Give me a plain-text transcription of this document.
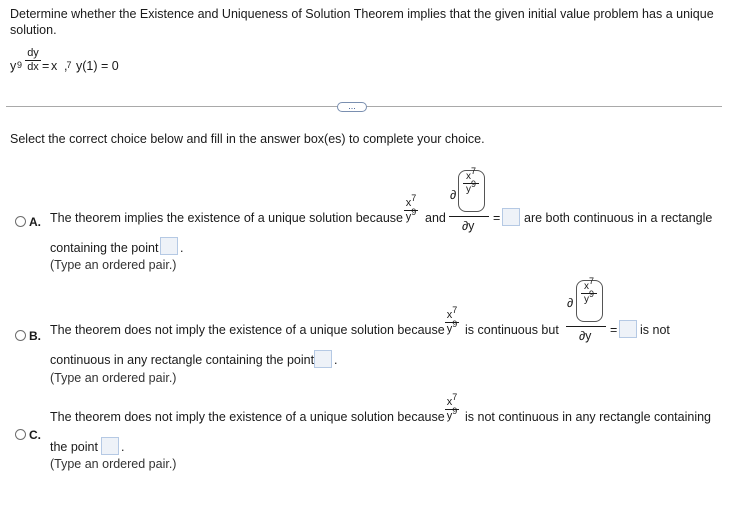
Determine whether the Existence and Uniqueness of Solution Theorem implies that the given initial value problem has a unique solution.
y $_9$
dy
dx = x $_7$
, y(1) = 0
...
Select the correct choice below and fill in the answer box(es) to complete your choice.
A. The theorem implies the existence of a unique solution because
$x^7$
$y^9$ and
∂
x7
y9
∂y
= are both continuous in a rectangle
containing the point .
(Type an ordered pair.)
B. The theorem does not imply the existence of a unique solution because
$x^7$
$y^9$ is continuous but
∂
x7
y9
∂y = is not
continuous in any rectangle containing the point .
(Type an ordered pair.)
C.
The theorem does not imply the existence of a unique solution because
$x^7$
$y^9$ is not continuous in any rectangle containing
the point .
(Type an ordered pair.)
